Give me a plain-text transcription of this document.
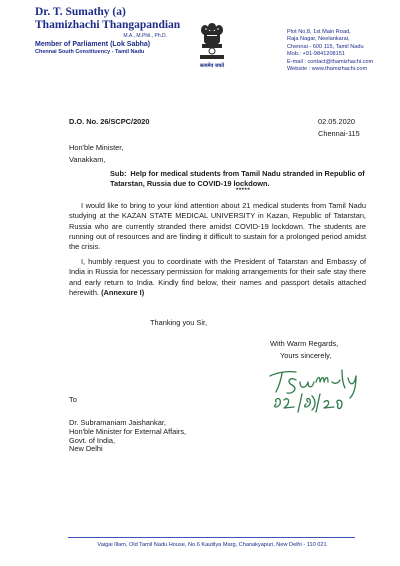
Dr. T. Sumathy (a)
Thamizhachi Thangapandian
M.A., M.Phil., Ph.D.
Member of Parliament (Lok Sabha)
Chennai South Constituency - Tamil Nadu
सत्यमेव जयते
Plot No.8, 1st Main Road,
Raja Nagar, Neelankarai,
Chennai - 600 115, Tamil Nadu
Mob.: +91-9841208151
E-mail : contact@thamizhachi.com
Website : www.thamizhachi.com
D.O. No. 26/SCPC/2020	02.05.2020
Chennai-115
Hon'ble Minister,
Vanakkam,
Sub: Help for medical students from Tamil Nadu stranded in Republic of Tatarstan, Russia due to COVID-19 lockdown.
*****
I would like to bring to your kind attention about 21 medical students from Tamil Nadu studying at the KAZAN STATE MEDICAL UNIVERSITY in Kazan, Republic of Tatarstan, Russia who are currently stranded there amidst COVID-19 lockdown. The students are running out of resources and are finding it difficult to sustain for a prolonged period amidst the crisis.
I, humbly request you to coordinate with the President of Tatarstan and Embassy of India in Russia for necessary permission for making arrangements for their safe stay there and early return to India. Kindly find below, their names and passport details attached herewith. (Annexure I)
Thanking you Sir,
With Warm Regards,
Yours sincerely,
To
Dr. Subramaniam Jaishankar,
Hon'ble Minister for External Affairs,
Govt. of India,
New Delhi
Vaigai Illam, Old Tamil Nadu House, No.6 Kautilya Marg, Chanakyapuri, New Delhi - 110 021
